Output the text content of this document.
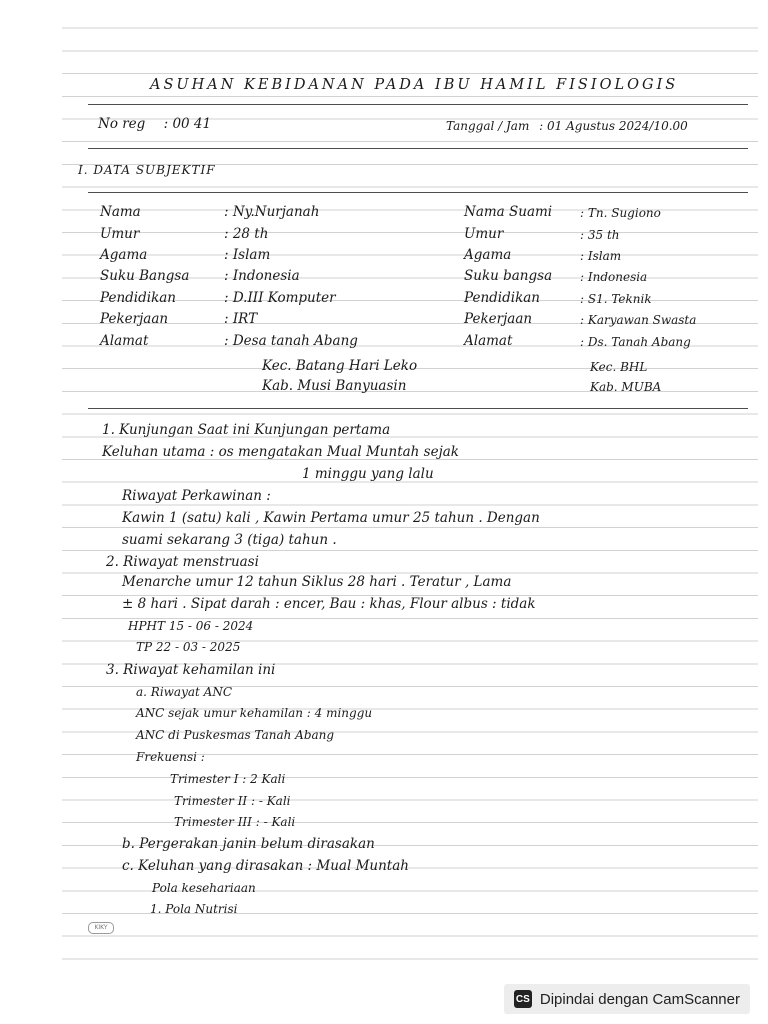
ASUHAN KEBIDANAN PADA IBU HAMIL FISIOLOGIS
No reg : 00 41	Tanggal / Jam : 01 Agustus 2024/10.00
I. DATA SUBJEKTIF
Nama
Umur
Agama
Suku Bangsa
Pendidikan
Pekerjaan
Alamat
: Ny.Nurjanah
: 28 th
: Islam
: Indonesia
: D.III Komputer
: IRT
: Desa tanah Abang
Kec. Batang Hari Leko
Kab. Musi Banyuasin
Nama Suami
Umur
Agama
Suku bangsa
Pendidikan
Pekerjaan
Alamat
: Tn. Sugiono
: 35 th
: Islam
: Indonesia
: S1. Teknik
: Karyawan Swasta
: Ds. Tanah Abang
Kec. BHL
Kab. MUBA
1. Kunjungan Saat ini Kunjungan pertama
Keluhan utama : os mengatakan Mual Muntah sejak
1 minggu yang lalu
Riwayat Perkawinan :
Kawin 1 (satu) kali , Kawin Pertama umur 25 tahun . Dengan
suami sekarang 3 (tiga) tahun .
2. Riwayat menstruasi
Menarche umur 12 tahun Siklus 28 hari . Teratur , Lama
± 8 hari . Sipat darah : encer, Bau : khas, Flour albus : tidak
HPHT 15 - 06 - 2024
TP 22 - 03 - 2025
3. Riwayat kehamilan ini
a. Riwayat ANC
ANC sejak umur kehamilan : 4 minggu
ANC di Puskesmas Tanah Abang
Frekuensi :
Trimester I : 2 Kali
Trimester II : - Kali
Trimester III : - Kali
b. Pergerakan janin belum dirasakan
c. Keluhan yang dirasakan : Mual Muntah
Pola kesehariaan
1. Pola Nutrisi
KIKY
CS Dipindai dengan CamScanner
